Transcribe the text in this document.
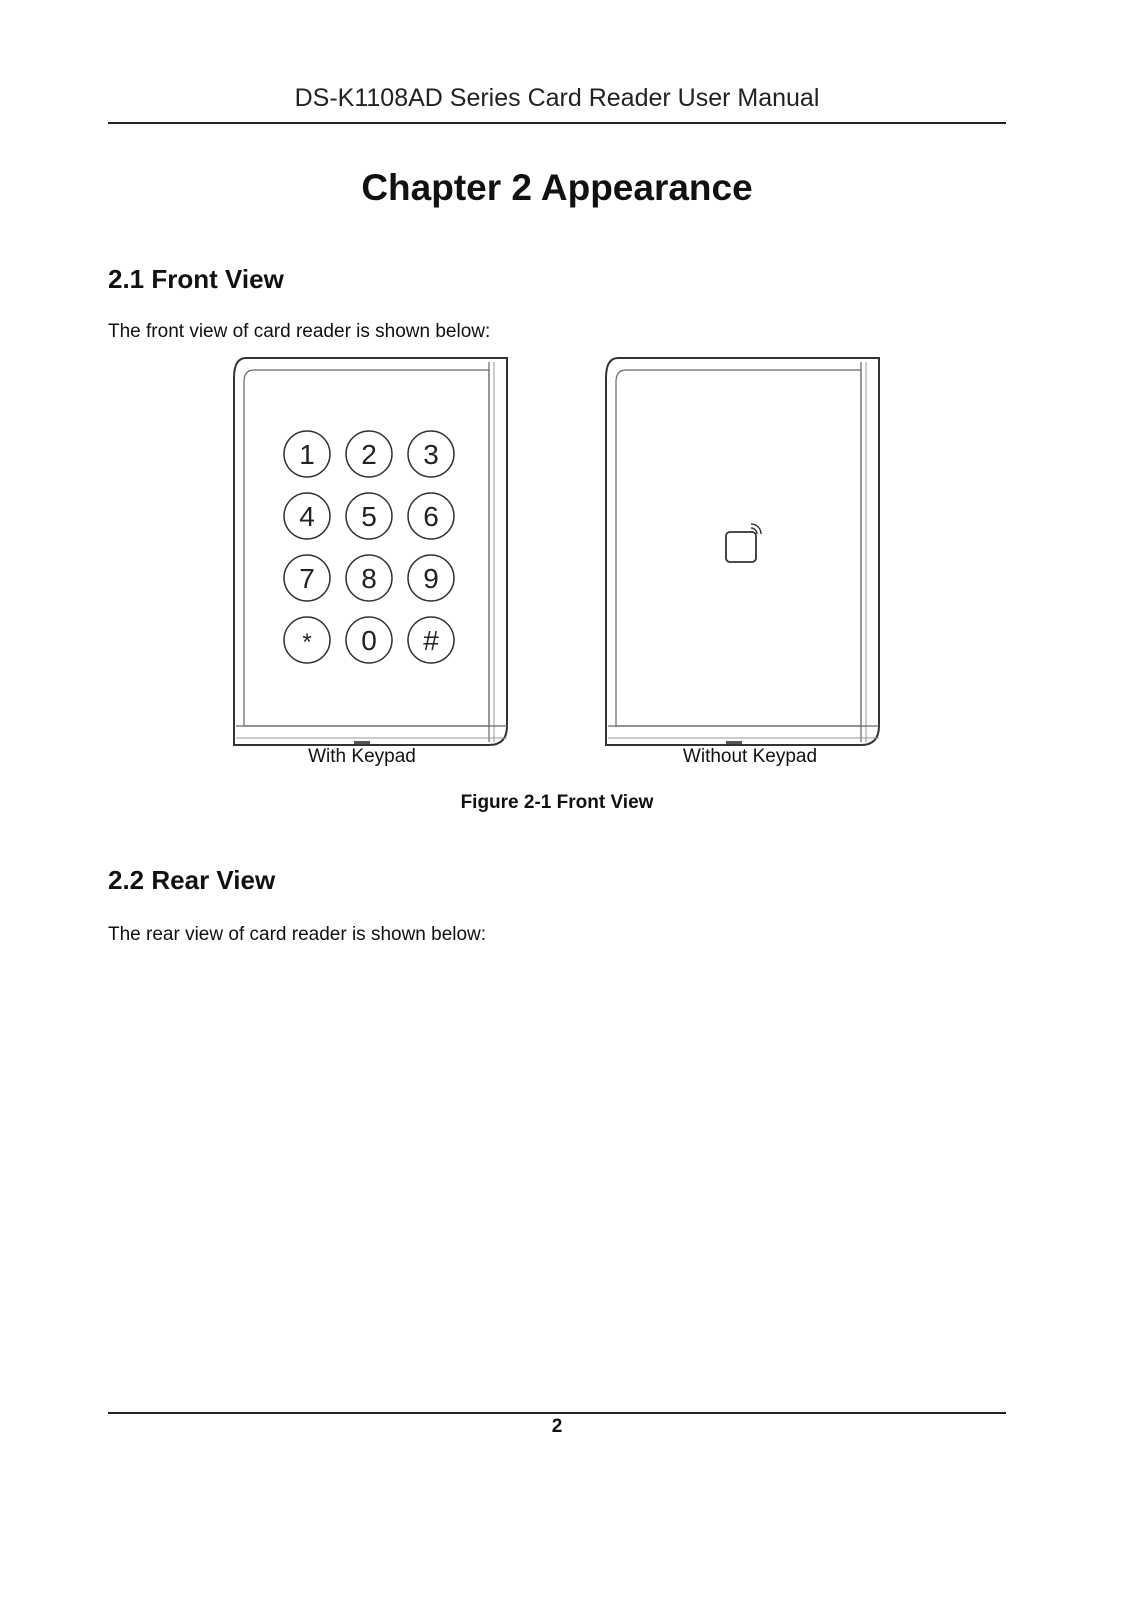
DS-K1108AD Series Card Reader User Manual
Chapter 2 Appearance
2.1 Front View
The front view of card reader is shown below:
1 2 3
4 5 6
7 8 9
* 0 #
With Keypad	Without Keypad
Figure 2-1 Front View
2.2 Rear View
The rear view of card reader is shown below:
2
